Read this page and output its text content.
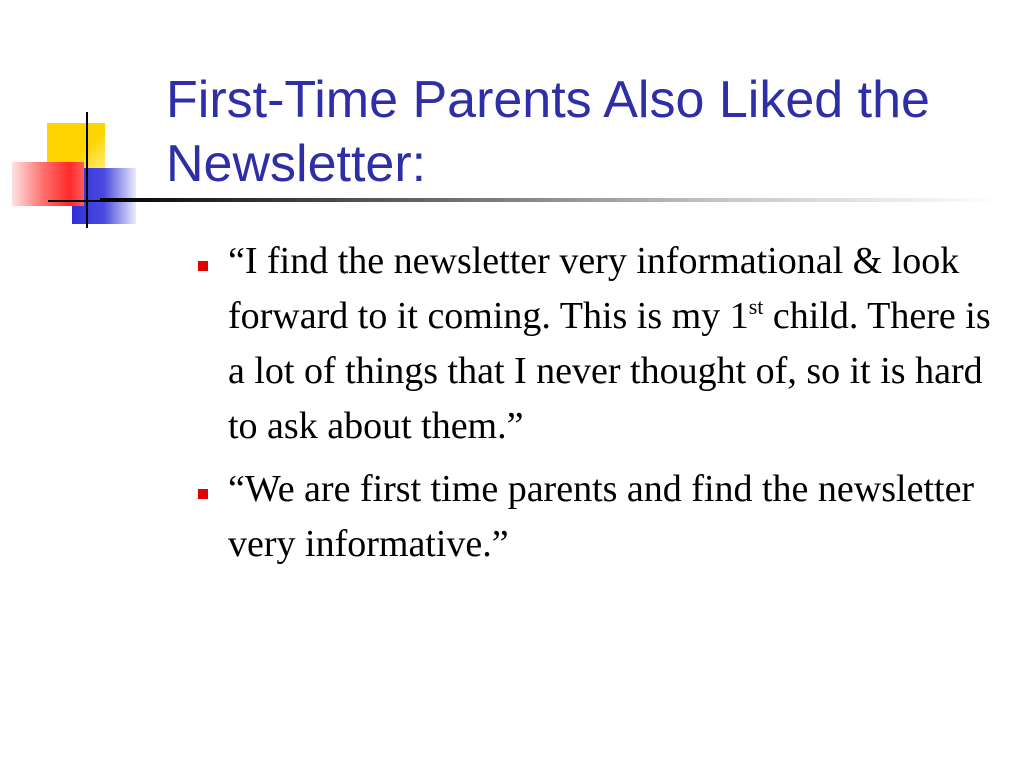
First-Time Parents Also Liked the Newsletter:
“I find the newsletter very informational & look forward to it coming. This is my 1st child. There is a lot of things that I never thought of, so it is hard to ask about them.”
“We are first time parents and find the newsletter very informative.”
